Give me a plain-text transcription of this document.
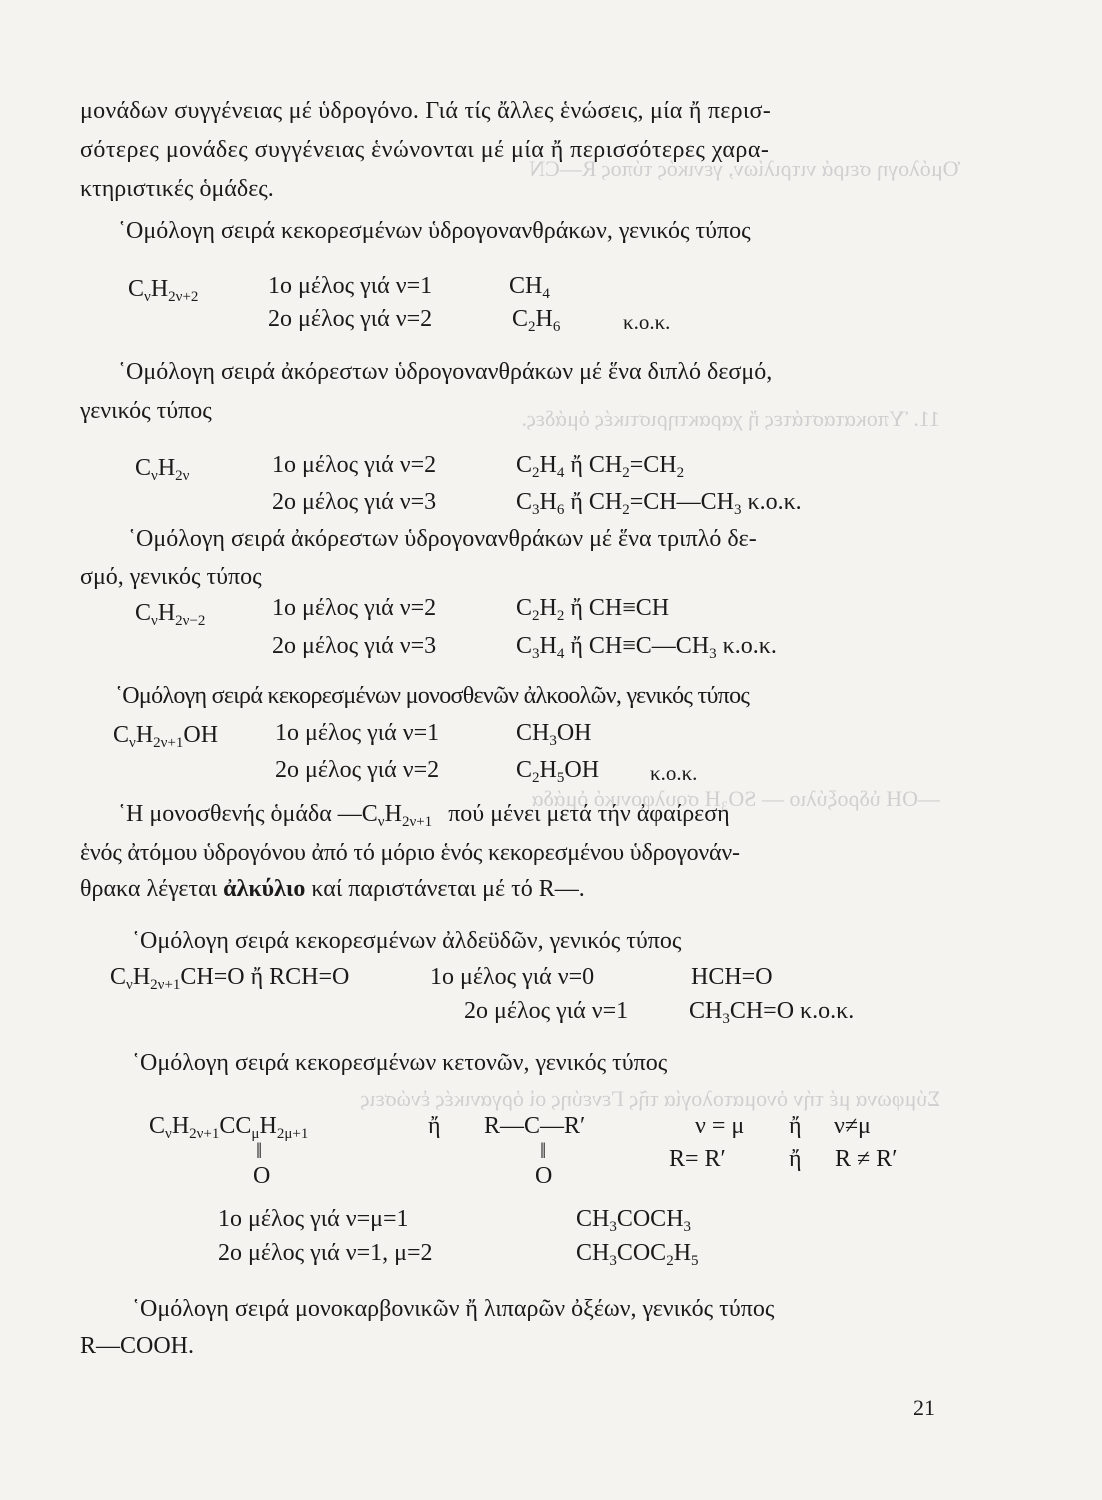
Ὁμόλογη σειρά νιτριλίων, γενικός τύπος R—CN
11. Ὑποκαταστάτες ἤ χαρακτηριστικές ὁμάδες.
—OH ὑδροξύλιο — SO₃H σουλφονικό ὁμάδα
Σύμφωνα μέ τήν ὀνοματολογία τῆς Γενεύης οἱ ὀργανικές ἑνώσεις
μονάδων συγγένειας μέ ὑδρογόνο. Γιά τίς ἄλλες ἑνώσεις, μία ἤ περισ-
σότερες μονάδες συγγένειας ἑνώνονται μέ μία ἤ περισσότερες χαρα-
κτηριστικές ὁμάδες.
῾Ομόλογη σειρά κεκορεσμένων ὑδρογονανθράκων, γενικός τύπος
$C_\nu H_{2\nu+2}$	1ο μέλος γιά ν=1	$CH_4$
2ο μέλος γιά ν=2	$C_2H_6$	κ.ο.κ.
῾Ομόλογη σειρά ἀκόρεστων ὑδρογονανθράκων μέ ἕνα διπλό δεσμό,
γενικός τύπος
$C_\nu H_{2\nu}$	1ο μέλος γιά ν=2	$C_2H_4$ ἤ $CH_2=CH_2$
2ο μέλος γιά ν=3	$C_3H_6$ ἤ $CH_2=CH—CH_3$ κ.ο.κ.
῾Ομόλογη σειρά ἀκόρεστων ὑδρογονανθράκων μέ ἕνα τριπλό δε-
σμό, γενικός τύπος
$C_\nu H_{2\nu-2}$	1ο μέλος γιά ν=2	$C_2H_2$ ἤ CH≡CH
2ο μέλος γιά ν=3	$C_3H_4$ ἤ $CH\equiv C—CH_3$ κ.ο.κ.
῾Ομόλογη σειρά κεκορεσμένων μονοσθενῶν ἀλκοολῶν, γενικός τύπος
$C_\nu H_{2\nu+1}OH$ 1ο μέλος γιά ν=1	$CH_3OH$
2ο μέλος γιά ν=2	$C_2H_5OH$ κ.ο.κ.
῾Η μονοσθενής ὁμάδα $—C_\nu H_{2\nu+1}$ πού μένει μετά τήν ἀφαίρεση
ἑνός ἀτόμου ὑδρογόνου ἀπό τό μόριο ἑνός κεκορεσμένου ὑδρογονάν-
θρακα λέγεται ἀλκύλιο καί παριστάνεται μέ τό R—.
῾Ομόλογη σειρά κεκορεσμένων ἀλδεϋδῶν, γενικός τύπος
$C_\nu H_{2\nu+1}CH=O$ ἤ RCH=O	1ο μέλος γιά ν=0	HCH=O
2ο μέλος γιά ν=1	$CH_3CH=O$ κ.ο.κ.
῾Ομόλογη σειρά κεκορεσμένων κετονῶν, γενικός τύπος
$C_\nu H_{2\nu+1}CC_\mu H_{2\mu+1}$
‖
O
ἤ R—C—R′
‖
O
ν = μ ἤ ν≠μ
R= R′	ἤ R ≠ R′
1ο μέλος γιά ν=μ=1	$CH_3COCH_3$
2ο μέλος γιά ν=1, μ=2	$CH_3COC_2H_5$
῾Ομόλογη σειρά μονοκαρβονικῶν ἤ λιπαρῶν ὀξέων, γενικός τύπος
R—COOH.
21
